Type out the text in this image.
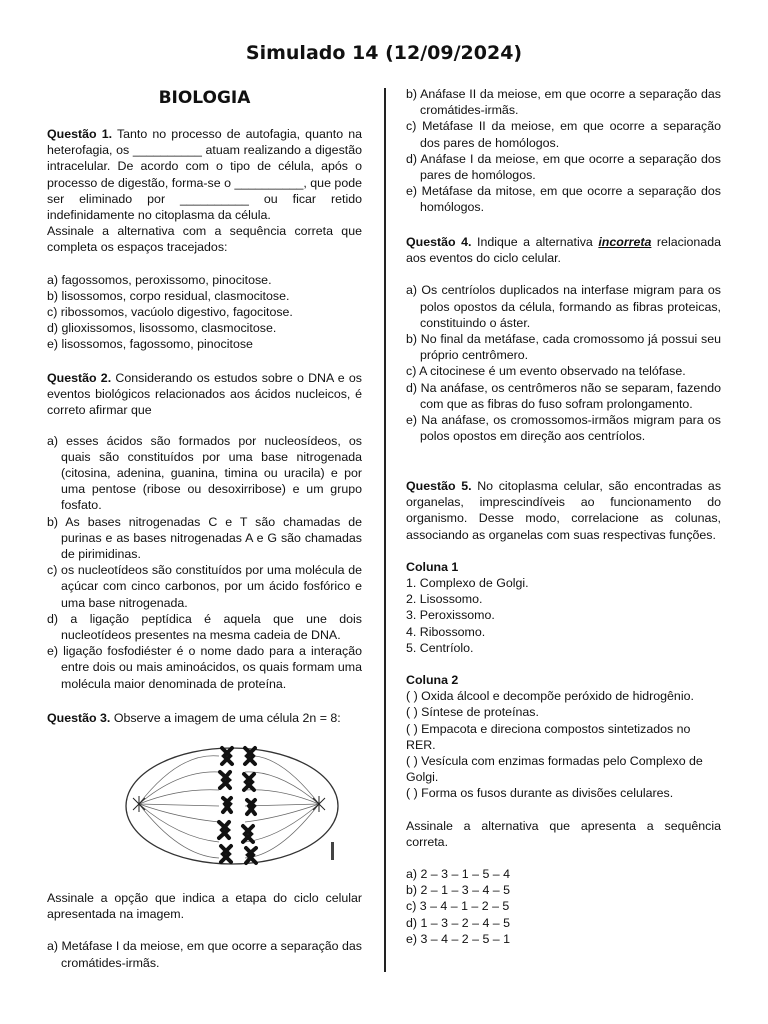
Simulado 14 (12/09/2024)
BIOLOGIA

Questão 1. Tanto no processo de autofagia, quanto na heterofagia, os __________ atuam realizando a digestão intracelular. De acordo com o tipo de célula, após o processo de digestão, forma-se o __________, que pode ser eliminado por __________ ou ficar retido indefinidamente no citoplasma da célula.

Assinale a alternativa com a sequência correta que completa os espaços tracejados:

a) fagossomos, peroxissomo, pinocitose.
b) lisossomos, corpo residual, clasmocitose.
c) ribossomos, vacúolo digestivo, fagocitose.
d) glioxissomos, lisossomo, clasmocitose.
e) lisossomos, fagossomo, pinocitose

Questão 2. Considerando os estudos sobre o DNA e os eventos biológicos relacionados aos ácidos nucleicos, é correto afirmar que

a) esses ácidos são formados por nucleosídeos, os quais são constituídos por uma base nitrogenada (citosina, adenina, guanina, timina ou uracila) e por uma pentose (ribose ou desoxirribose) e um grupo fosfato.
b) As bases nitrogenadas C e T são chamadas de purinas e as bases nitrogenadas A e G são chamadas de pirimidinas.
c) os nucleotídeos são constituídos por uma molécula de açúcar com cinco carbonos, por um ácido fosfórico e uma base nitrogenada.
d) a ligação peptídica é aquela que une dois nucleotídeos presentes na mesma cadeia de DNA.
e) ligação fosfodiéster é o nome dado para a interação entre dois ou mais aminoácidos, os quais formam uma molécula maior denominada de proteína.

Questão 3. Observe a imagem de uma célula 2n = 8:

Assinale a opção que indica a etapa do ciclo celular apresentada na imagem.

a) Metáfase I da meiose, em que ocorre a separação das cromátides-irmãs.
b) Anáfase II da meiose, em que ocorre a separação das cromátides-irmãs.
c) Metáfase II da meiose, em que ocorre a separação dos pares de homólogos.
d) Anáfase I da meiose, em que ocorre a separação dos pares de homólogos.
e) Metáfase da mitose, em que ocorre a separação dos homólogos.

Questão 4. Indique a alternativa incorreta relacionada aos eventos do ciclo celular.

a) Os centríolos duplicados na interfase migram para os polos opostos da célula, formando as fibras proteicas, constituindo o áster.
b) No final da metáfase, cada cromossomo já possui seu próprio centrômero.
c) A citocinese é um evento observado na telófase.
d) Na anáfase, os centrômeros não se separam, fazendo com que as fibras do fuso sofram prolongamento.
e) Na anáfase, os cromossomos-irmãos migram para os polos opostos em direção aos centríolos.

Questão 5. No citoplasma celular, são encontradas as organelas, imprescindíveis ao funcionamento do organismo. Desse modo, correlacione as colunas, associando as organelas com suas respectivas funções.

Coluna 1
1. Complexo de Golgi.
2. Lisossomo.
3. Peroxissomo.
4. Ribossomo.
5. Centríolo.
Coluna 2
( ) Oxida álcool e decompõe peróxido de hidrogênio.
( ) Síntese de proteínas.
( ) Empacota e direciona compostos sintetizados no RER.
( ) Vesícula com enzimas formadas pelo Complexo de Golgi.
( ) Forma os fusos durante as divisões celulares.

Assinale a alternativa que apresenta a sequência correta.

a) 2 – 3 – 1 – 5 – 4
b) 2 – 1 – 3 – 4 – 5
c) 3 – 4 – 1 – 2 – 5
d) 1 – 3 – 2 – 4 – 5
e) 3 – 4 – 2 – 5 – 1
